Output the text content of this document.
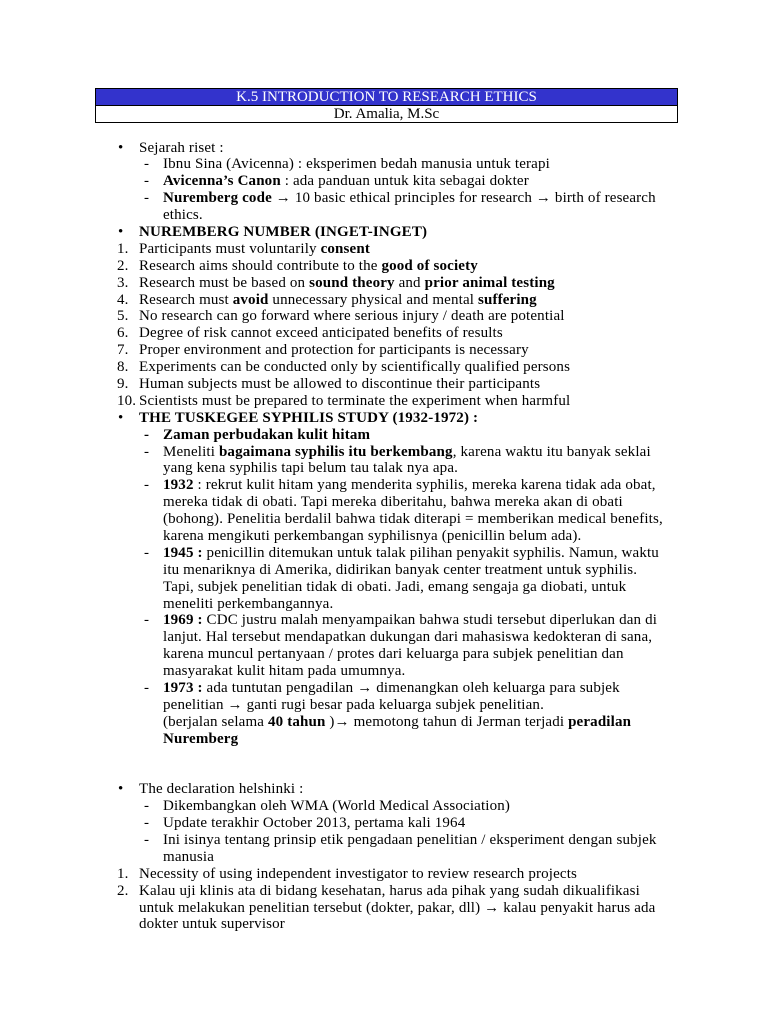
K.5 INTRODUCTION TO RESEARCH ETHICS
Dr. Amalia, M.Sc
• Sejarah riset :
- Ibnu Sina (Avicenna) : eksperimen bedah manusia untuk terapi
- Avicenna’s Canon : ada panduan untuk kita sebagai dokter
- Nuremberg code → 10 basic ethical principles for research → birth of research
ethics.
• NUREMBERG NUMBER (INGET-INGET)
1. Participants must voluntarily consent
2. Research aims should contribute to the good of society
3. Research must be based on sound theory and prior animal testing
4. Research must avoid unnecessary physical and mental suffering
5. No research can go forward where serious injury / death are potential
6. Degree of risk cannot exceed anticipated benefits of results
7. Proper environment and protection for participants is necessary
8. Experiments can be conducted only by scientifically qualified persons
9. Human subjects must be allowed to discontinue their participants
10. Scientists must be prepared to terminate the experiment when harmful
• THE TUSKEGEE SYPHILIS STUDY (1932-1972) :
- Zaman perbudakan kulit hitam
- Meneliti bagaimana syphilis itu berkembang, karena waktu itu banyak seklai
yang kena syphilis tapi belum tau talak nya apa.
- 1932 : rekrut kulit hitam yang menderita syphilis, mereka karena tidak ada obat,
mereka tidak di obati. Tapi mereka diberitahu, bahwa mereka akan di obati
(bohong). Penelitia berdalil bahwa tidak diterapi = memberikan medical benefits,
karena mengikuti perkembangan syphilisnya (penicillin belum ada).
- 1945 : penicillin ditemukan untuk talak pilihan penyakit syphilis. Namun, waktu
itu menariknya di Amerika, didirikan banyak center treatment untuk syphilis.
Tapi, subjek penelitian tidak di obati. Jadi, emang sengaja ga diobati, untuk
meneliti perkembangannya.
- 1969 : CDC justru malah menyampaikan bahwa studi tersebut diperlukan dan di
lanjut. Hal tersebut mendapatkan dukungan dari mahasiswa kedokteran di sana,
karena muncul pertanyaan / protes dari keluarga para subjek penelitian dan
masyarakat kulit hitam pada umumnya.
- 1973 : ada tuntutan pengadilan → dimenangkan oleh keluarga para subjek
penelitian → ganti rugi besar pada keluarga subjek penelitian.
(berjalan selama 40 tahun )→ memotong tahun di Jerman terjadi peradilan
Nuremberg
• The declaration helshinki :
- Dikembangkan oleh WMA (World Medical Association)
- Update terakhir October 2013, pertama kali 1964
- Ini isinya tentang prinsip etik pengadaan penelitian / eksperiment dengan subjek
manusia
1. Necessity of using independent investigator to review research projects
2. Kalau uji klinis ata di bidang kesehatan, harus ada pihak yang sudah dikualifikasi
untuk melakukan penelitian tersebut (dokter, pakar, dll) → kalau penyakit harus ada
dokter untuk supervisor
